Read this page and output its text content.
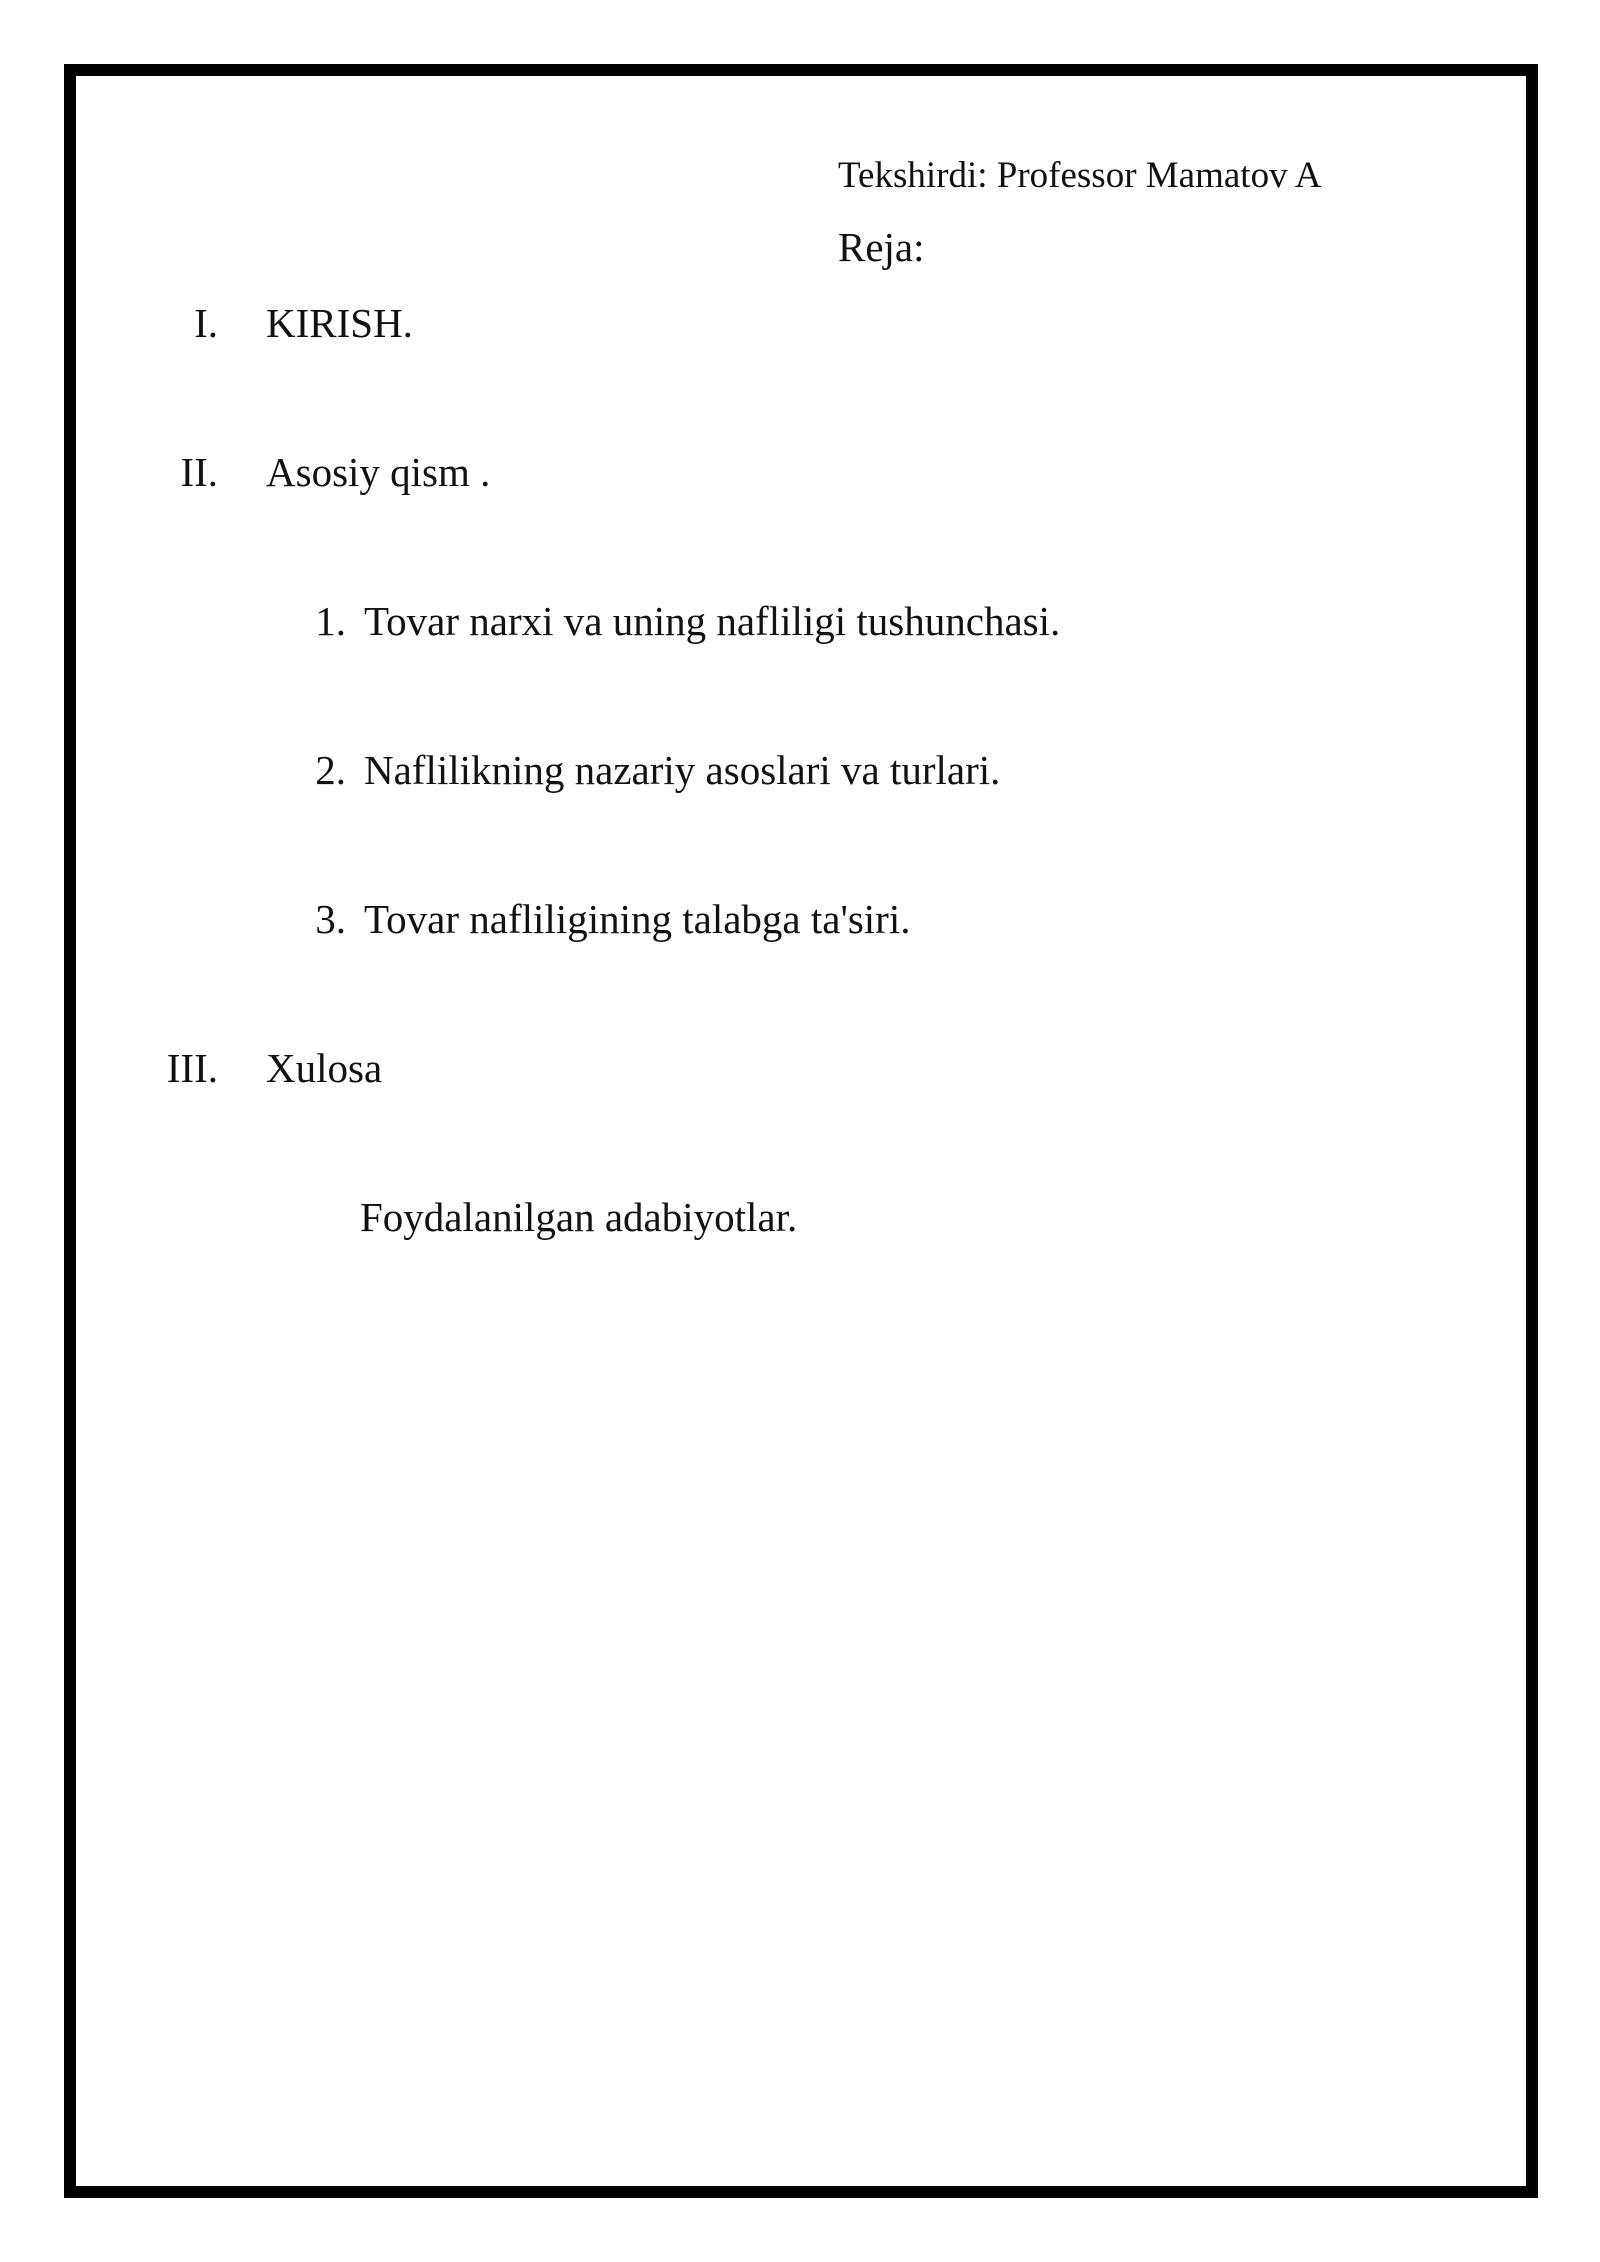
Tekshirdi: Professor Mamatov A
Reja:
I. KIRISH.
II. Asosiy qism .
1. Tovar narxi va uning nafliligi tushunchasi.
2. Naflilikning nazariy asoslari va turlari.
3. Tovar nafliligining talabga ta'siri.
III. Xulosa
Foydalanilgan adabiyotlar.
